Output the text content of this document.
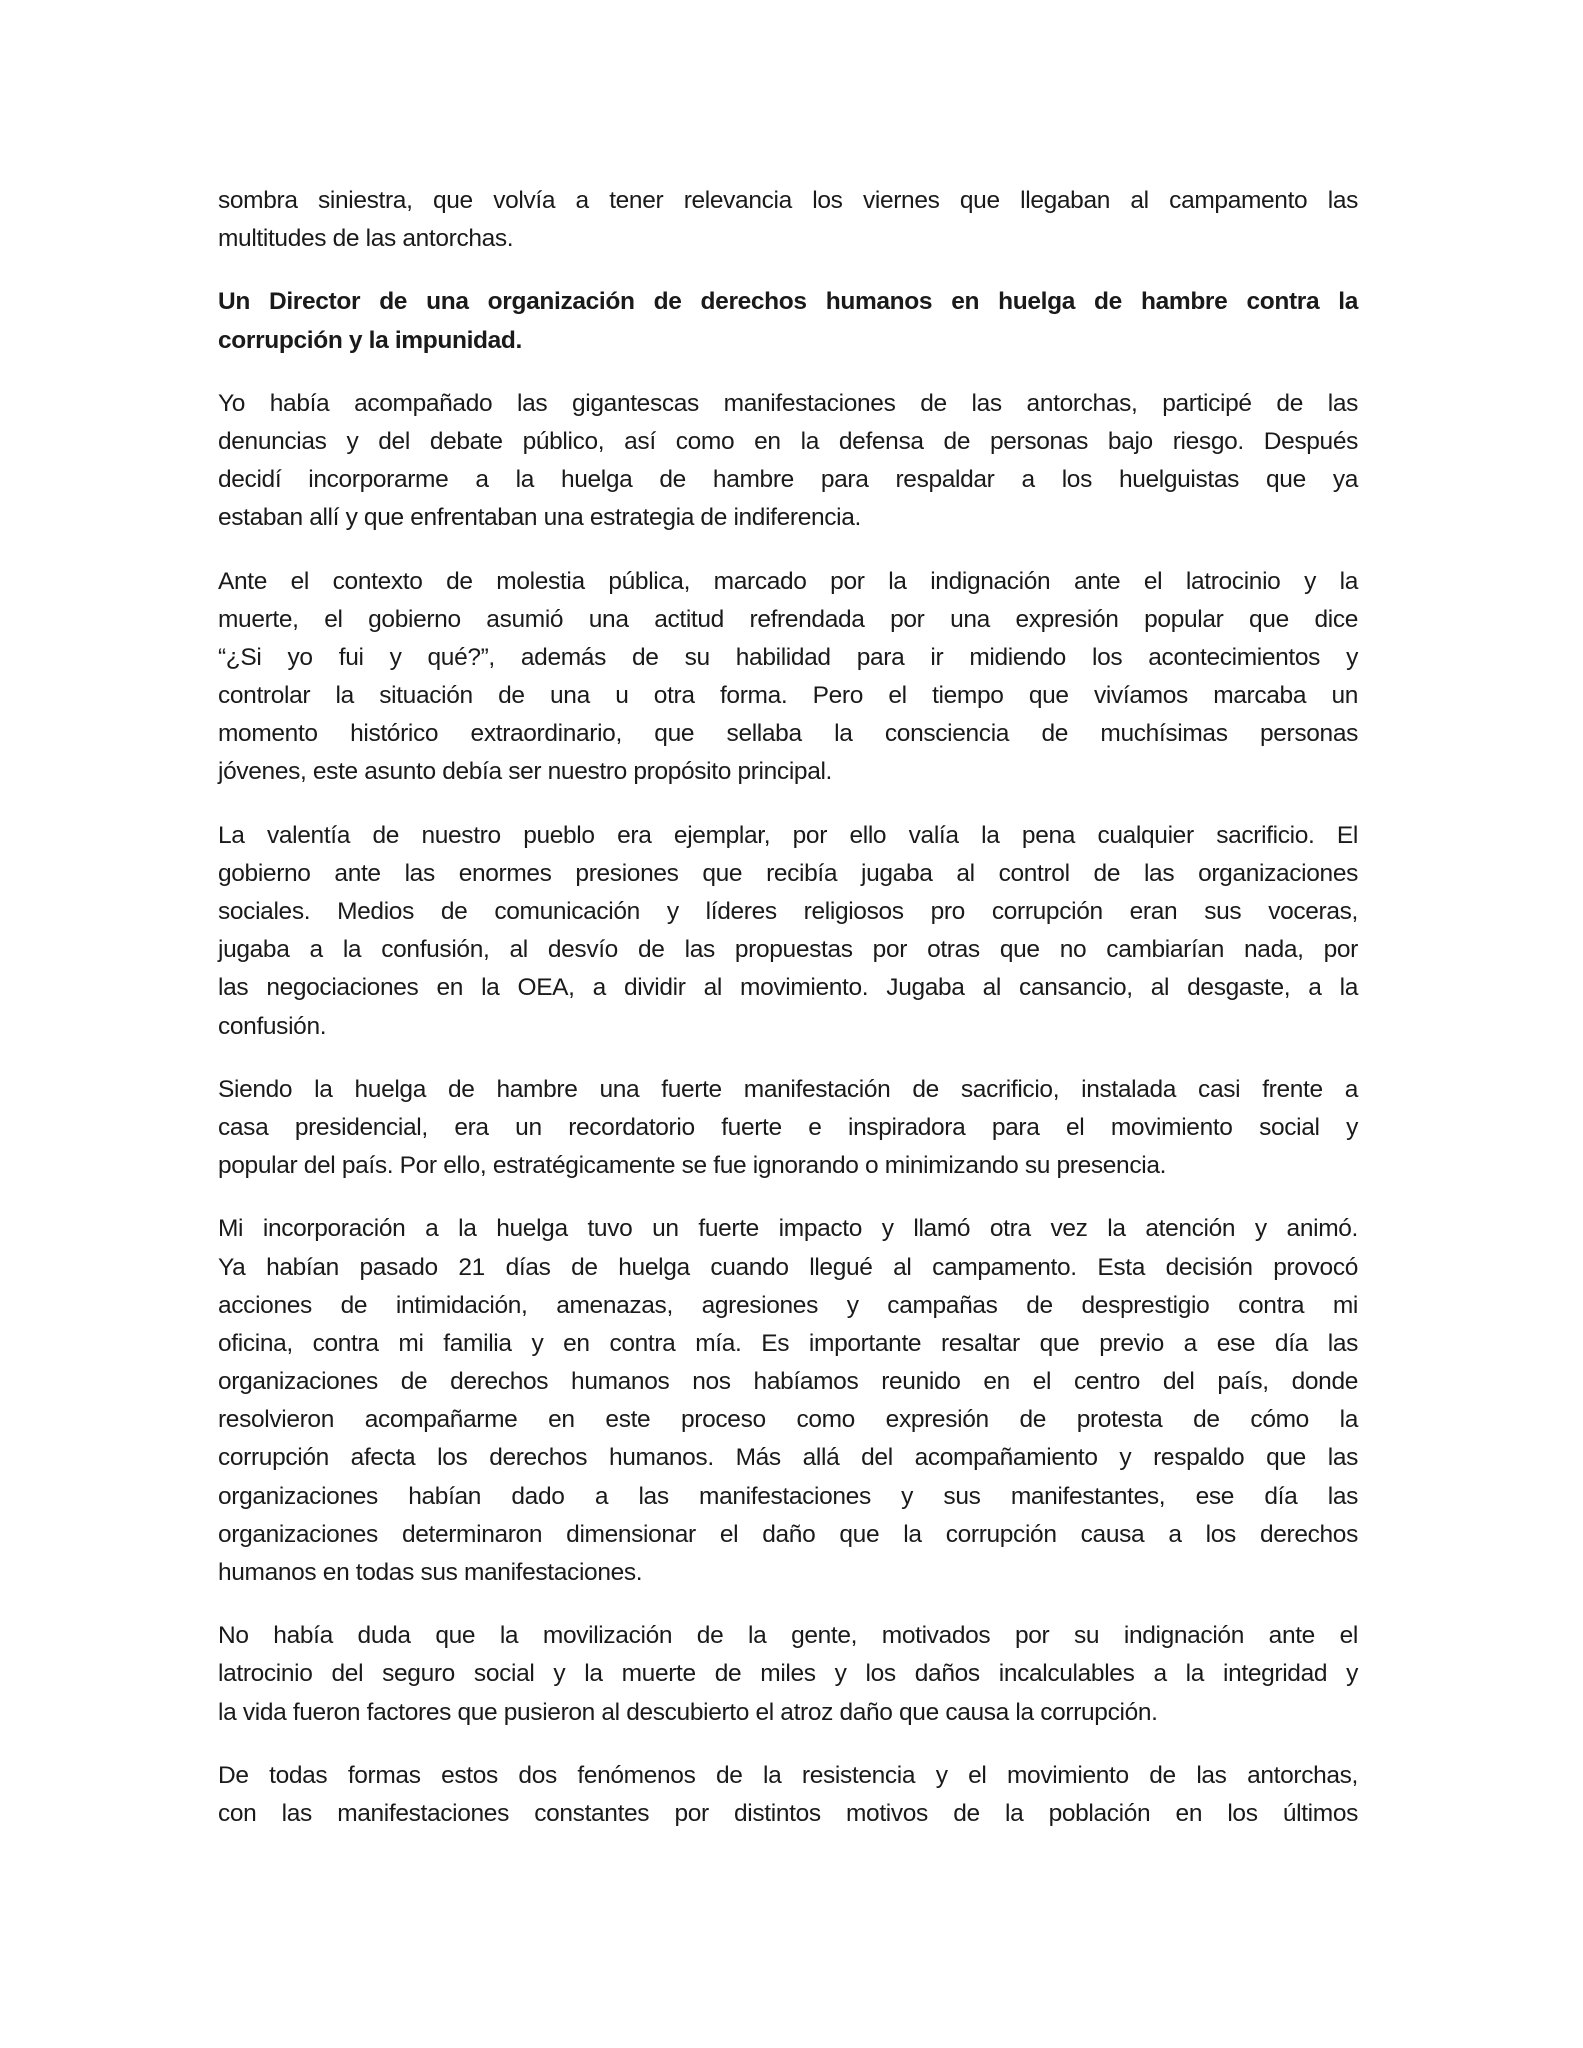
sombra siniestra, que volvía a tener relevancia los viernes que llegaban al campamento las
multitudes de las antorchas.
Un Director de una organización de derechos humanos en huelga de hambre contra la
corrupción y la impunidad.
Yo había acompañado las gigantescas manifestaciones de las antorchas, participé de las
denuncias y del debate público, así como en la defensa de personas bajo riesgo. Después
decidí incorporarme a la huelga de hambre para respaldar a los huelguistas que ya
estaban allí y que enfrentaban una estrategia de indiferencia.
Ante el contexto de molestia pública, marcado por la indignación ante el latrocinio y la
muerte, el gobierno asumió una actitud refrendada por una expresión popular que dice
“¿Si yo fui y qué?”, además de su habilidad para ir midiendo los acontecimientos y
controlar la situación de una u otra forma. Pero el tiempo que vivíamos marcaba un
momento histórico extraordinario, que sellaba la consciencia de muchísimas personas
jóvenes, este asunto debía ser nuestro propósito principal.
La valentía de nuestro pueblo era ejemplar, por ello valía la pena cualquier sacrificio. El
gobierno ante las enormes presiones que recibía jugaba al control de las organizaciones
sociales. Medios de comunicación y líderes religiosos pro corrupción eran sus voceras,
jugaba a la confusión, al desvío de las propuestas por otras que no cambiarían nada, por
las negociaciones en la OEA, a dividir al movimiento. Jugaba al cansancio, al desgaste, a la
confusión.
Siendo la huelga de hambre una fuerte manifestación de sacrificio, instalada casi frente a
casa presidencial, era un recordatorio fuerte e inspiradora para el movimiento social y
popular del país. Por ello, estratégicamente se fue ignorando o minimizando su presencia.
Mi incorporación a la huelga tuvo un fuerte impacto y llamó otra vez la atención y animó.
Ya habían pasado 21 días de huelga cuando llegué al campamento. Esta decisión provocó
acciones de intimidación, amenazas, agresiones y campañas de desprestigio contra mi
oficina, contra mi familia y en contra mía. Es importante resaltar que previo a ese día las
organizaciones de derechos humanos nos habíamos reunido en el centro del país, donde
resolvieron acompañarme en este proceso como expresión de protesta de cómo la
corrupción afecta los derechos humanos. Más allá del acompañamiento y respaldo que las
organizaciones habían dado a las manifestaciones y sus manifestantes, ese día las
organizaciones determinaron dimensionar el daño que la corrupción causa a los derechos
humanos en todas sus manifestaciones.
No había duda que la movilización de la gente, motivados por su indignación ante el
latrocinio del seguro social y la muerte de miles y los daños incalculables a la integridad y
la vida fueron factores que pusieron al descubierto el atroz daño que causa la corrupción.
De todas formas estos dos fenómenos de la resistencia y el movimiento de las antorchas,
con las manifestaciones constantes por distintos motivos de la población en los últimos
